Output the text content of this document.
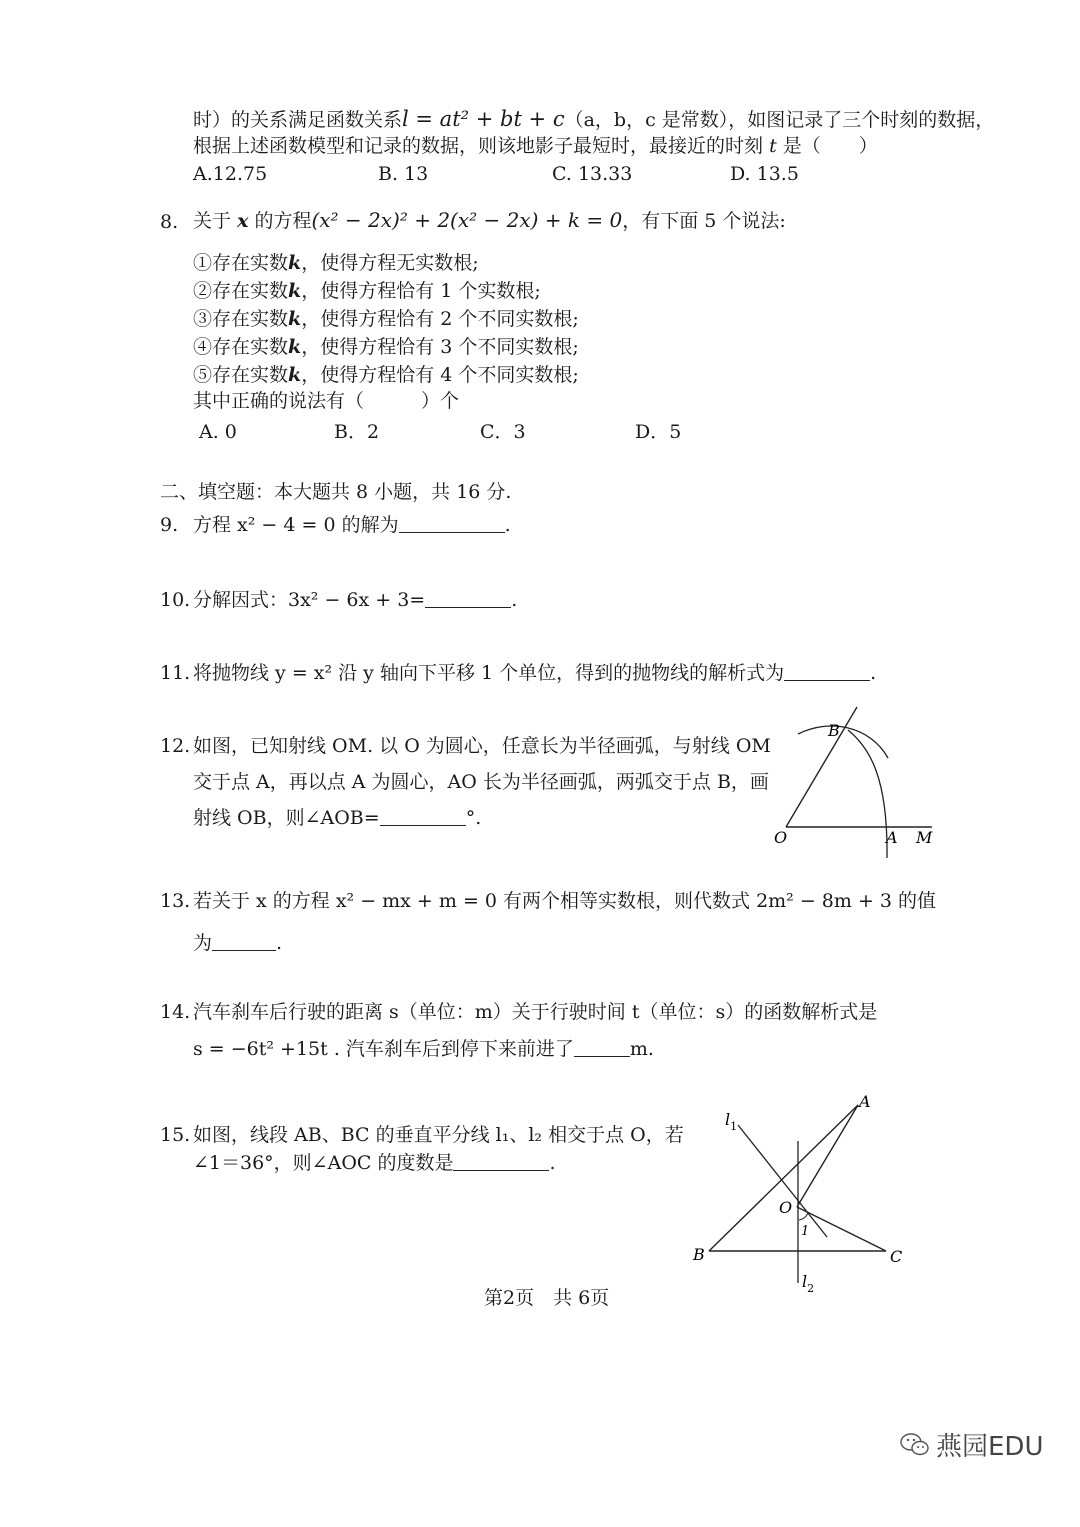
时）的关系满足函数关系l = at² + bt + c（a，b，c 是常数），如图记录了三个时刻的数据，
根据上述函数模型和记录的数据，则该地影子最短时，最接近的时刻 t 是（　　）
A.12.75	B. 13	C. 13.33	D. 13.5
8. 关于 x 的方程(x² − 2x)² + 2(x² − 2x) + k = 0，有下面 5 个说法:
①存在实数k，使得方程无实数根;
②存在实数k，使得方程恰有 1 个实数根;
③存在实数k，使得方程恰有 2 个不同实数根;
④存在实数k，使得方程恰有 3 个不同实数根;
⑤存在实数k，使得方程恰有 4 个不同实数根;
其中正确的说法有（　　　）个
A. 0	B．2	C．3	D．5
二、填空题：本大题共 8 小题，共 16 分.
9. 方程 x² − 4 = 0 的解为	.
10. 分解因式：3x² − 6x + 3=	.
11. 将抛物线 y = x² 沿 y 轴向下平移 1 个单位，得到的抛物线的解析式为	.
12. 如图，已知射线 OM. 以 O 为圆心，任意长为半径画弧，与射线 OM
交于点 A，再以点 A 为圆心，AO 长为半径画弧，两弧交于点 B，画
射线 OB，则∠AOB=	°.
B
O	A M
13. 若关于 x 的方程 x² − mx + m = 0 有两个相等实数根，则代数式 2m² − 8m + 3 的值
为	.
14. 汽车刹车后行驶的距离 s（单位：m）关于行驶时间 t（单位：s）的函数解析式是
s = −6t² +15t . 汽车刹车后到停下来前进了	m.
15. 如图，线段 AB、BC 的垂直平分线 l₁、l₂ 相交于点 O，若
∠1＝36°，则∠AOC 的度数是	.
$l_1$
$l_2$
A
B	C
O
1
第2页　共 6页
燕园EDU
